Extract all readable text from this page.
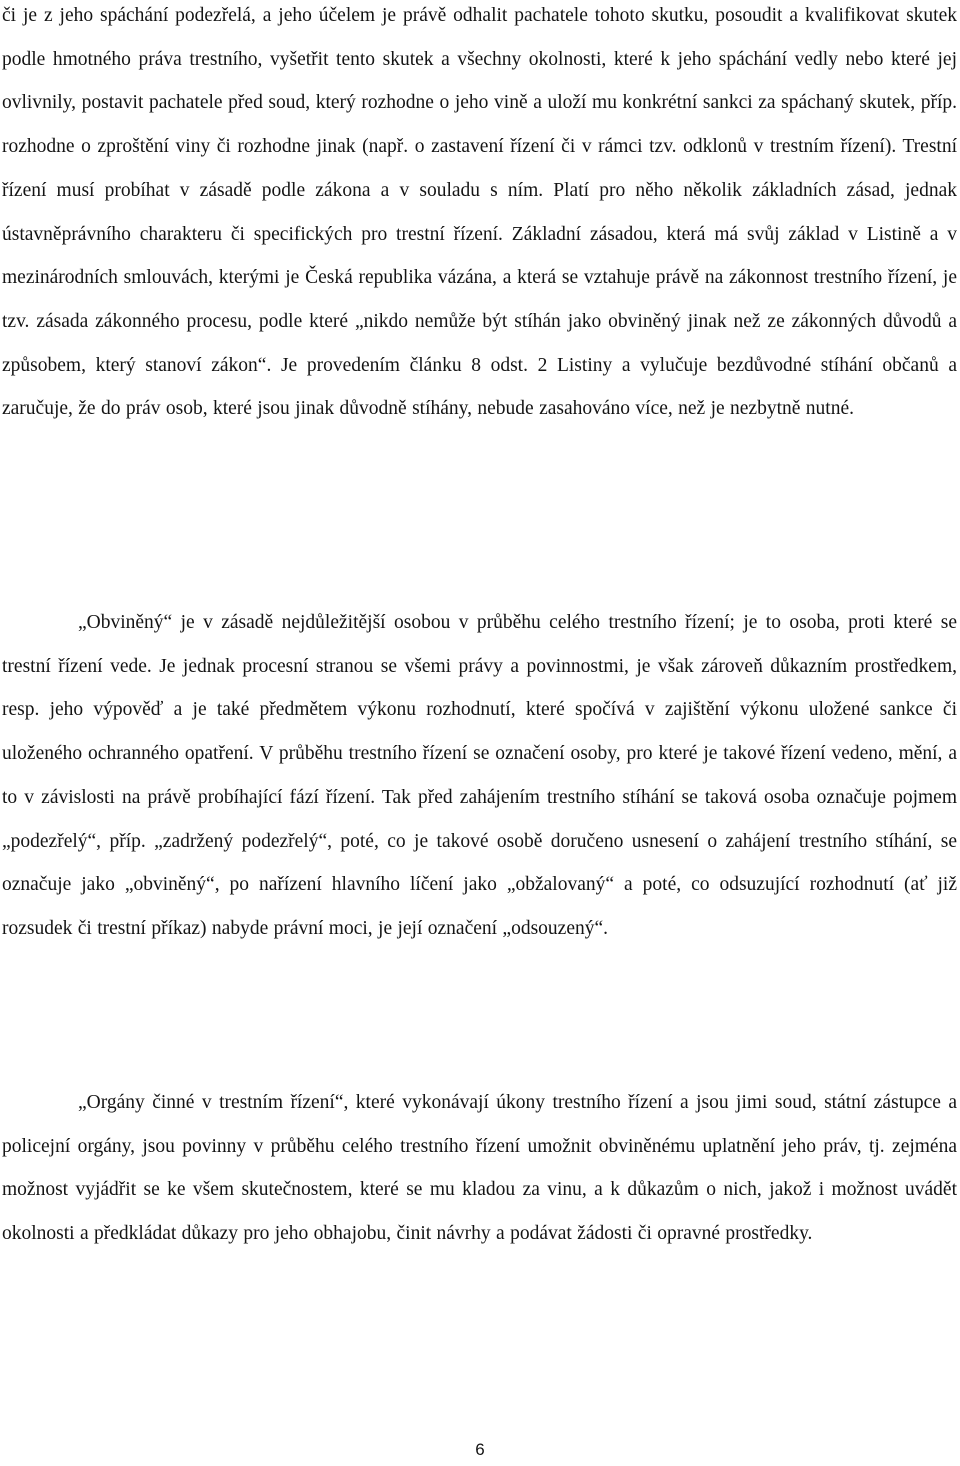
či je z jeho spáchání podezřelá, a jeho účelem je právě odhalit pachatele tohoto skutku, posoudit a kvalifikovat skutek podle hmotného práva trestního, vyšetřit tento skutek a všechny okolnosti, které k jeho spáchání vedly nebo které jej ovlivnily, postavit pachatele před soud, který rozhodne o jeho vině a uloží mu konkrétní sankci za spáchaný skutek, příp. rozhodne o zproštění viny či rozhodne jinak (např. o zastavení řízení či v rámci tzv. odklonů v trestním řízení). Trestní řízení musí probíhat v zásadě podle zákona a v souladu s ním. Platí pro něho několik základních zásad, jednak ústavněprávního charakteru či specifických pro trestní řízení. Základní zásadou, která má svůj základ v Listině a v mezinárodních smlouvách, kterými je Česká republika vázána, a která se vztahuje právě na zákonnost trestního řízení, je tzv. zásada zákonného procesu, podle které „nikdo nemůže být stíhán jako obviněný jinak než ze zákonných důvodů a způsobem, který stanoví zákon“. Je provedením článku 8 odst. 2 Listiny a vylučuje bezdůvodné stíhání občanů a zaručuje, že do práv osob, které jsou jinak důvodně stíhány, nebude zasahováno více, než je nezbytně nutné.

„Obviněný“ je v zásadě nejdůležitější osobou v průběhu celého trestního řízení; je to osoba, proti které se trestní řízení vede. Je jednak procesní stranou se všemi právy a povinnostmi, je však zároveň důkazním prostředkem, resp. jeho výpověď a je také předmětem výkonu rozhodnutí, které spočívá v zajištění výkonu uložené sankce či uloženého ochranného opatření. V průběhu trestního řízení se označení osoby, pro které je takové řízení vedeno, mění, a to v závislosti na právě probíhající fází řízení. Tak před zahájením trestního stíhání se taková osoba označuje pojmem „podezřelý“, příp. „zadržený podezřelý“, poté, co je takové osobě doručeno usnesení o zahájení trestního stíhání, se označuje jako „obviněný“, po nařízení hlavního líčení jako „obžalovaný“ a poté, co odsuzující rozhodnutí (ať již rozsudek či trestní příkaz) nabyde právní moci, je její označení „odsouzený“.

„Orgány činné v trestním řízení“, které vykonávají úkony trestního řízení a jsou jimi soud, státní zástupce a policejní orgány, jsou povinny v průběhu celého trestního řízení umožnit obviněnému uplatnění jeho práv, tj. zejména možnost vyjádřit se ke všem skutečnostem, které se mu kladou za vinu, a k důkazům o nich, jakož i možnost uvádět okolnosti a předkládat důkazy pro jeho obhajobu, činit návrhy a podávat žádosti či opravné prostředky.

6
